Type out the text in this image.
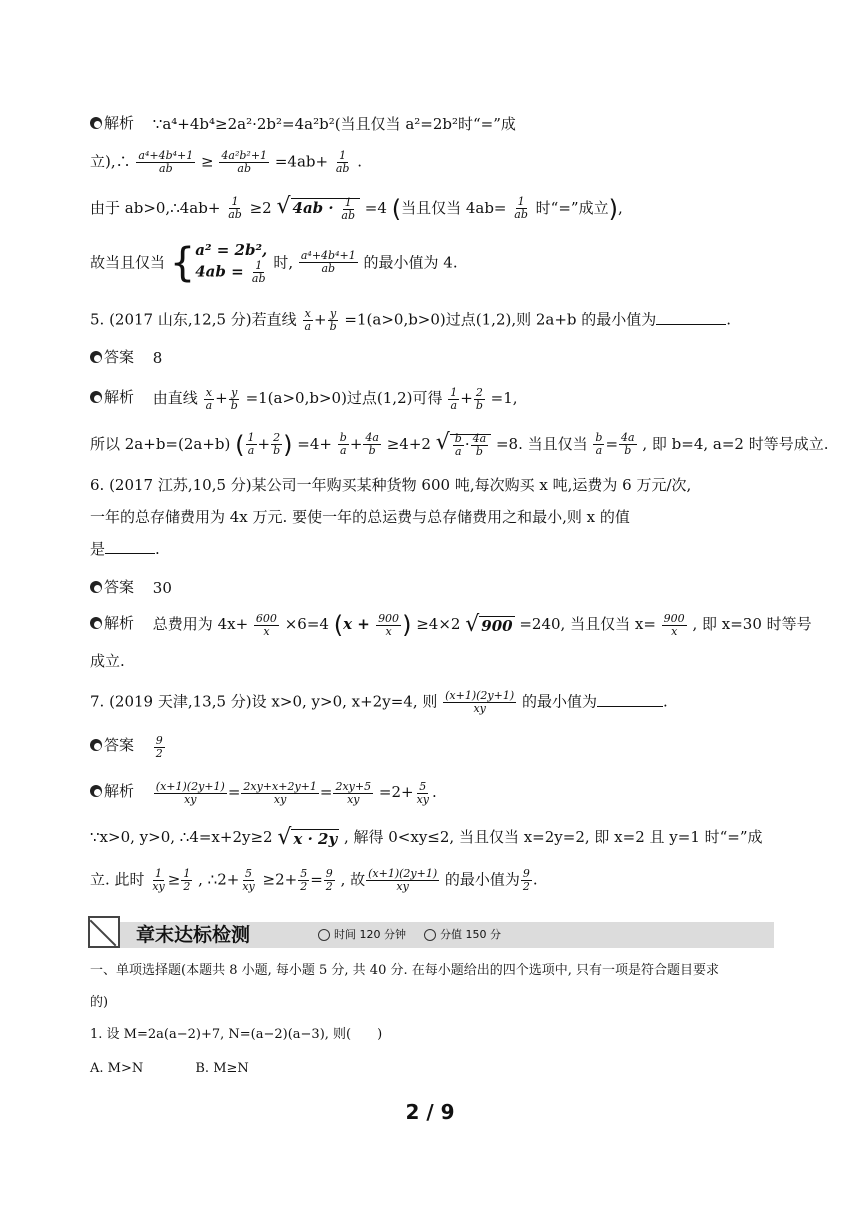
解析 ∵a⁴+4b⁴≥2a²·2b²=4a²b²(当且仅当 a²=2b²时“=”成
立),∴ $\frac{\text{a⁴+4b⁴+1}}{ab} \ge \frac{\text{4a²b²+1}}{ab} =4ab+ \frac{1}{ab}$ .
由于 ab>0,∴4ab+ $\frac{1}{ab} \ge 2$ √ $4ab \cdot \frac{1}{ab} =4$ (当且仅当 $4ab= \frac{1}{ab}$ 时“=”成立),
故当且仅当 { a² = 2b²,
$4ab = \frac{1}{ab}$ 时, $\frac{\text{a⁴+4b⁴+1}}{ab}$ 的最小值为 4.
5. (2017 山东,12,5 分)若直线 $\frac{x}{a} + \frac{y}{b} =1(a>0,b>0)$过点(1,2),则 2a+b 的最小值为	.
答案 8
解析 由直线 $\frac{x}{a} + \frac{y}{b} =1(a>0,b>0)$过点(1,2)可得 $\frac{1}{a} + \frac{2}{b} =1$,
所以 2a+b=(2a+b) ( $\frac{1}{a} + \frac{2}{b}$ ) $=4+ \frac{b}{a} + \frac{4a}{b} \ge 4+2$ √ $\frac{b}{a} \cdot \frac{4a}{b} =8$. 当且仅当 $\frac{b}{a} = \frac{4a}{b}$ , 即 b=4, a=2 时等号成立.
6. (2017 江苏,10,5 分)某公司一年购买某种货物 600 吨,每次购买 x 吨,运费为 6 万元/次,
一年的总存储费用为 4x 万元. 要使一年的总运费与总存储费用之和最小,则 x 的值
是	.
答案 30
解析 总费用为 $4x+ \frac{600}{x} \times 6=4$ ($x + \frac{900}{x}$ ) ≥4×2 √ 900 =240, 当且仅当 $x= \frac{900}{x}$ , 即 x=30 时等号
成立.
7. (2019 天津,13,5 分)设 x>0, y>0, x+2y=4, 则 $\frac{(x+1)(2y+1)}{xy}$ 的最小值为	.
答案
$\frac{9}{2}$
解析
$\frac{(x+1)(2y+1)}{xy} = \frac{2xy+x+2y+1}{xy} = \frac{2xy+5}{xy} =2+ \frac{5}{xy}$ .
∵x>0, y>0, ∴4=x+2y≥2 √ x · 2y , 解得 0<xy≤2, 当且仅当 x=2y=2, 即 x=2 且 y=1 时“=”成
立. 此时 $\frac{1}{xy} \ge \frac{1}{2}$ , ∴2+ $\frac{5}{xy} \ge 2+ \frac{5}{2} = \frac{9}{2}$ , 故 $\frac{(x+1)(2y+1)}{xy}$ 的最小值为 $\frac{9}{2}$ .
章末达标检测	时间 120 分钟	分值 150 分
一、单项选择题(本题共 8 小题, 每小题 5 分, 共 40 分. 在每小题给出的四个选项中, 只有一项是符合题目要求
的)
1. 设 M=2a(a−2)+7, N=(a−2)(a−3), 则(　　)
A. M>N	B. M≥N
2 / 9
